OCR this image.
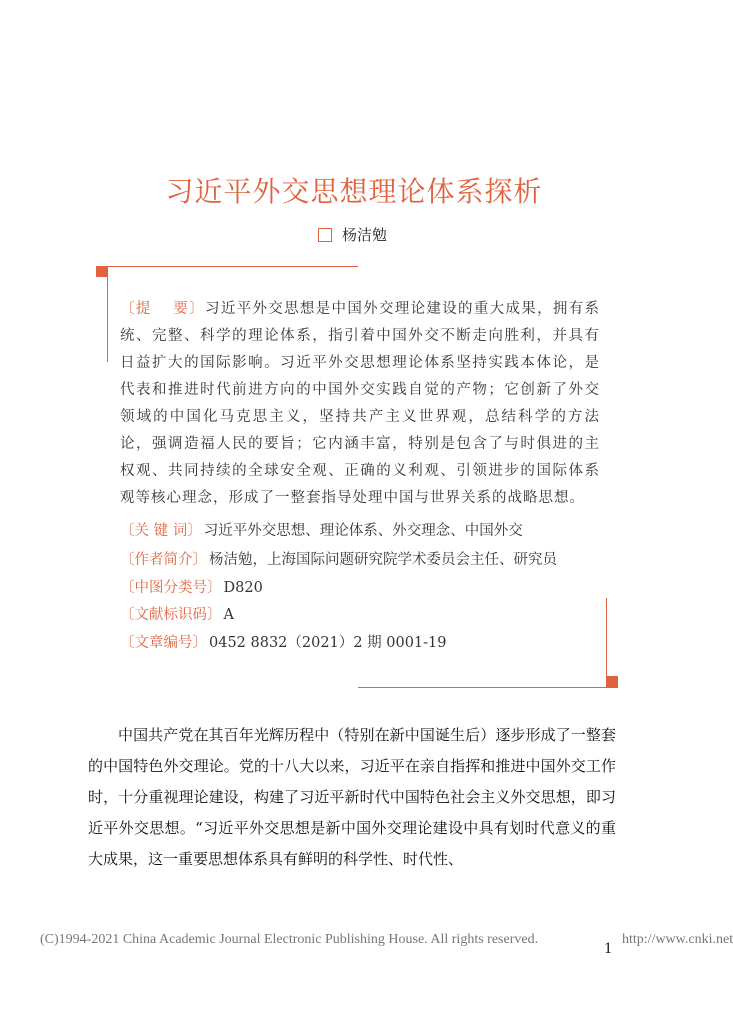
习近平外交思想理论体系探析
杨洁勉
〔提　 要〕习近平外交思想是中国外交理论建设的重大成果，拥有系统、完整、科学的理论体系，指引着中国外交不断走向胜利，并具有日益扩大的国际影响。习近平外交思想理论体系坚持实践本体论，是代表和推进时代前进方向的中国外交实践自觉的产物；它创新了外交领域的中国化马克思主义，坚持共产主义世界观，总结科学的方法论，强调造福人民的要旨；它内涵丰富，特别是包含了与时俱进的主权观、共同持续的全球安全观、正确的义利观、引领进步的国际体系观等核心理念，形成了一整套指导处理中国与世界关系的战略思想。
〔关 键 词〕 习近平外交思想、理论体系、外交理念、中国外交
〔作者简介〕 杨洁勉，上海国际问题研究院学术委员会主任、研究员
〔中图分类号〕 D820
〔文献标识码〕 A
〔文章编号〕 0452 8832（2021）2 期 0001-19

中国共产党在其百年光辉历程中（特别在新中国诞生后）逐步形成了一整套的中国特色外交理论。党的十八大以来，习近平在亲自指挥和推进中国外交工作时，十分重视理论建设，构建了习近平新时代中国特色社会主义外交思想，即习近平外交思想。“习近平外交思想是新中国外交理论建设中具有划时代意义的重大成果，这一重要思想体系具有鲜明的科学性、时代性、

(C)1994-2021 China Academic Journal Electronic Publishing House. All rights reserved.
1
http://www.cnki.net
